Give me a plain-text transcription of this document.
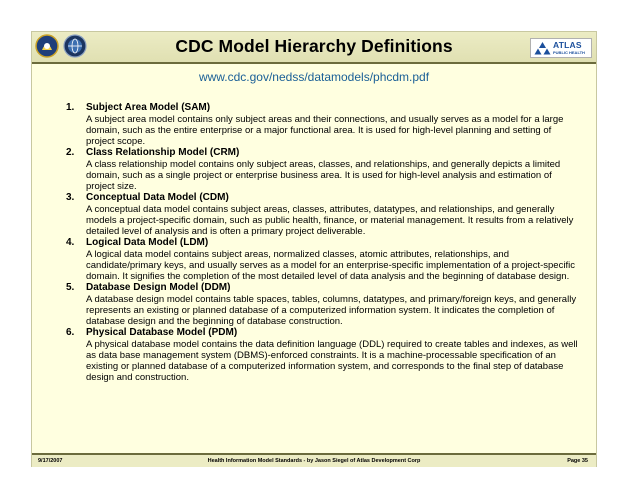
CDC Model Hierarchy Definitions	ATLAS
PUBLIC HEALTH
www.cdc.gov/nedss/datamodels/phcdm.pdf
1. Subject Area Model (SAM)
A subject area model contains only subject areas and their connections, and usually serves as a model for a large domain, such as the entire enterprise or a major functional area. It is used for high-level planning and setting of project scope.
2. Class Relationship Model (CRM)
A class relationship model contains only subject areas, classes, and relationships, and generally depicts a limited domain, such as a single project or enterprise business area. It is used for high-level analysis and estimation of project size.
3. Conceptual Data Model (CDM)
A conceptual data model contains subject areas, classes, attributes, datatypes, and relationships, and generally models a project-specific domain, such as public health, finance, or material management. It results from a relatively detailed level of analysis and is often a primary project deliverable.
4. Logical Data Model (LDM)
A logical data model contains subject areas, normalized classes, atomic attributes, relationships, and candidate/primary keys, and usually serves as a model for an enterprise-specific implementation of a project-specific domain. It signifies the completion of the most detailed level of data analysis and the beginning of database design.
5. Database Design Model (DDM)
A database design model contains table spaces, tables, columns, datatypes, and primary/foreign keys, and generally represents an existing or planned database of a computerized information system. It indicates the completion of database design and the beginning of database construction.
6. Physical Database Model (PDM)
A physical database model contains the data definition language (DDL) required to create tables and indexes, as well as data base management system (DBMS)-enforced constraints. It is a machine-processable specification of an existing or planned database of a computerized information system, and corresponds to the final step of database design and construction.
9/17/2007	Health Information Model Standards - by Jason Siegel of Atlas Development Corp	Page 35
